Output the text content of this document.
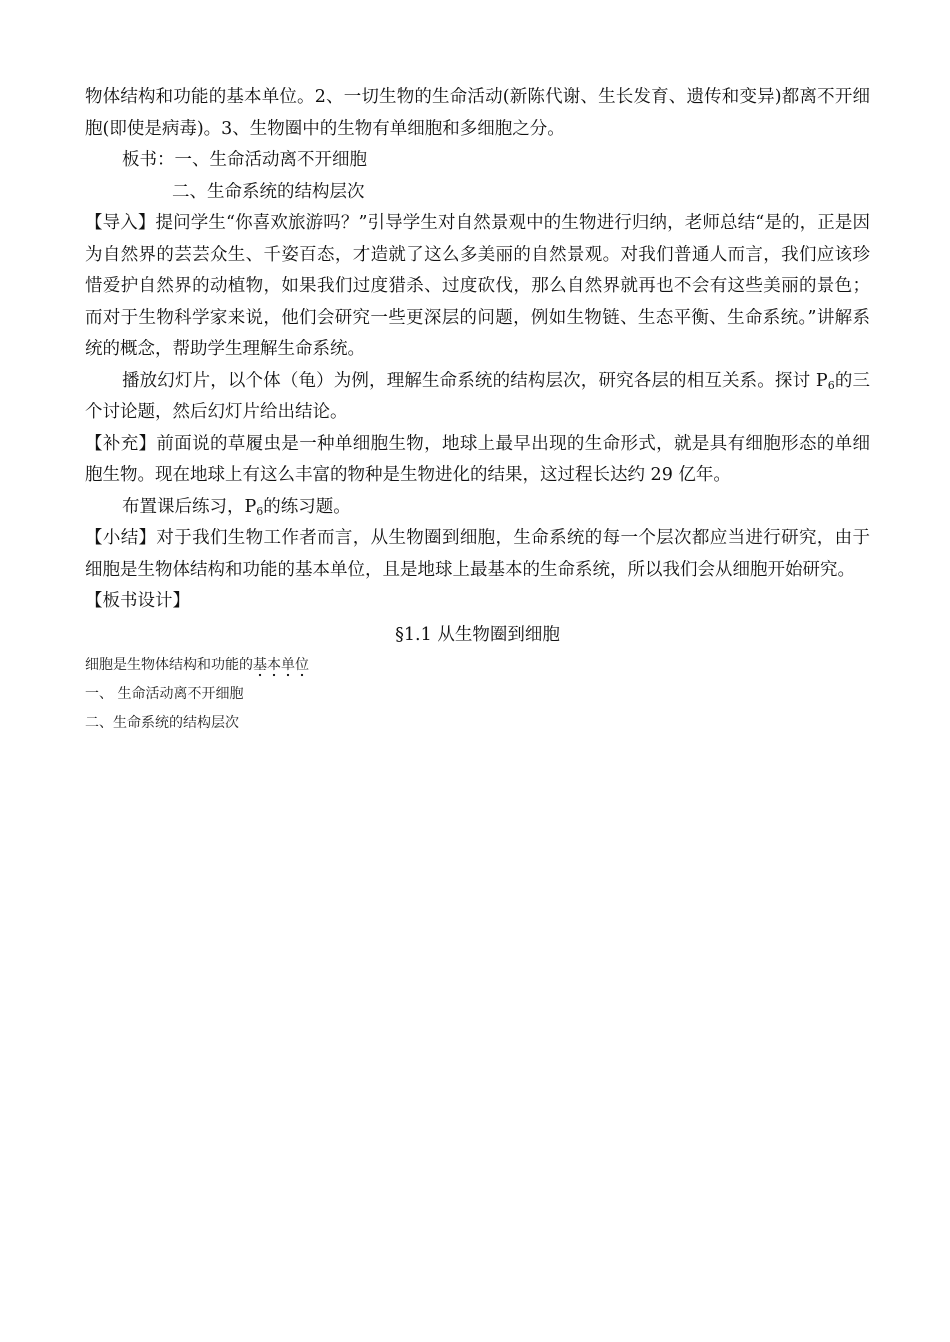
物体结构和功能的基本单位。2、一切生物的生命活动(新陈代谢、生长发育、遗传和变异)都离不开细胞(即使是病毒)。3、生物圈中的生物有单细胞和多细胞之分。

板书：一、生命活动离不开细胞

二、生命系统的结构层次

【导入】提问学生“你喜欢旅游吗？”引导学生对自然景观中的生物进行归纳，老师总结“是的，正是因为自然界的芸芸众生、千姿百态，才造就了这么多美丽的自然景观。对我们普通人而言，我们应该珍惜爱护自然界的动植物，如果我们过度猎杀、过度砍伐，那么自然界就再也不会有这些美丽的景色；而对于生物科学家来说，他们会研究一些更深层的问题，例如生物链、生态平衡、生命系统。”讲解系统的概念，帮助学生理解生命系统。

播放幻灯片，以个体（龟）为例，理解生命系统的结构层次，研究各层的相互关系。探讨 $P_6$的三个讨论题，然后幻灯片给出结论。

【补充】前面说的草履虫是一种单细胞生物，地球上最早出现的生命形式，就是具有细胞形态的单细胞生物。现在地球上有这么丰富的物种是生物进化的结果，这过程长达约 29 亿年。

布置课后练习，$P_6$的练习题。

【小结】对于我们生物工作者而言，从生物圈到细胞，生命系统的每一个层次都应当进行研究，由于细胞是生物体结构和功能的基本单位，且是地球上最基本的生命系统，所以我们会从细胞开始研究。

【板书设计】

§1.1 从生物圈到细胞

细胞是生物体结构和功能的基本单位
一、 生命活动离不开细胞
二、生命系统的结构层次
